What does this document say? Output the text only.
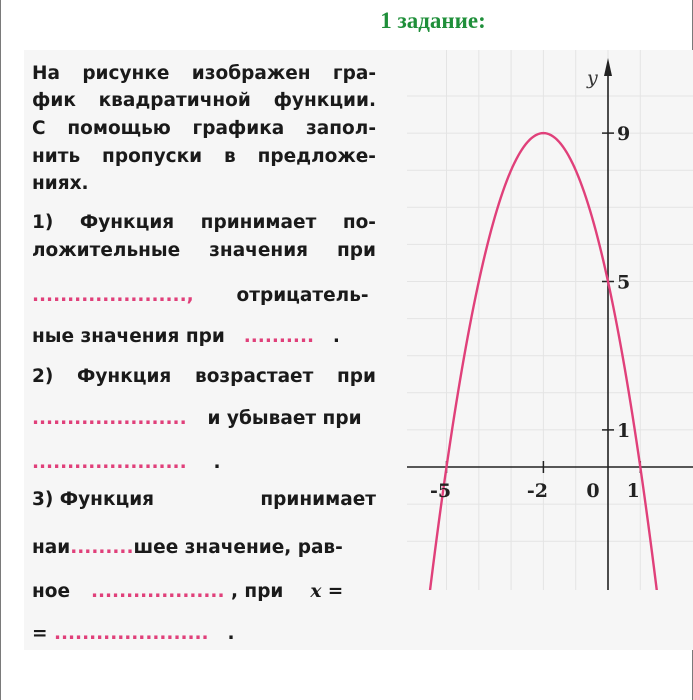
1 задание:
На рисунке изображен гра-
фик квадратичной функции.
С помощью графика запол-
нить пропуски в предложе-
ниях.
1) Функция принимает по-
ложительные значения при
......................, отрицатель-
ные значения при .......... .
2) Функция возрастает при
...................... и убывает при
...................... .
3) Функция	принимает
наи.........шее значение, рав-
ное ................... , при x =
= ...................... .
y
-5	-2 0 1
9
5
1
